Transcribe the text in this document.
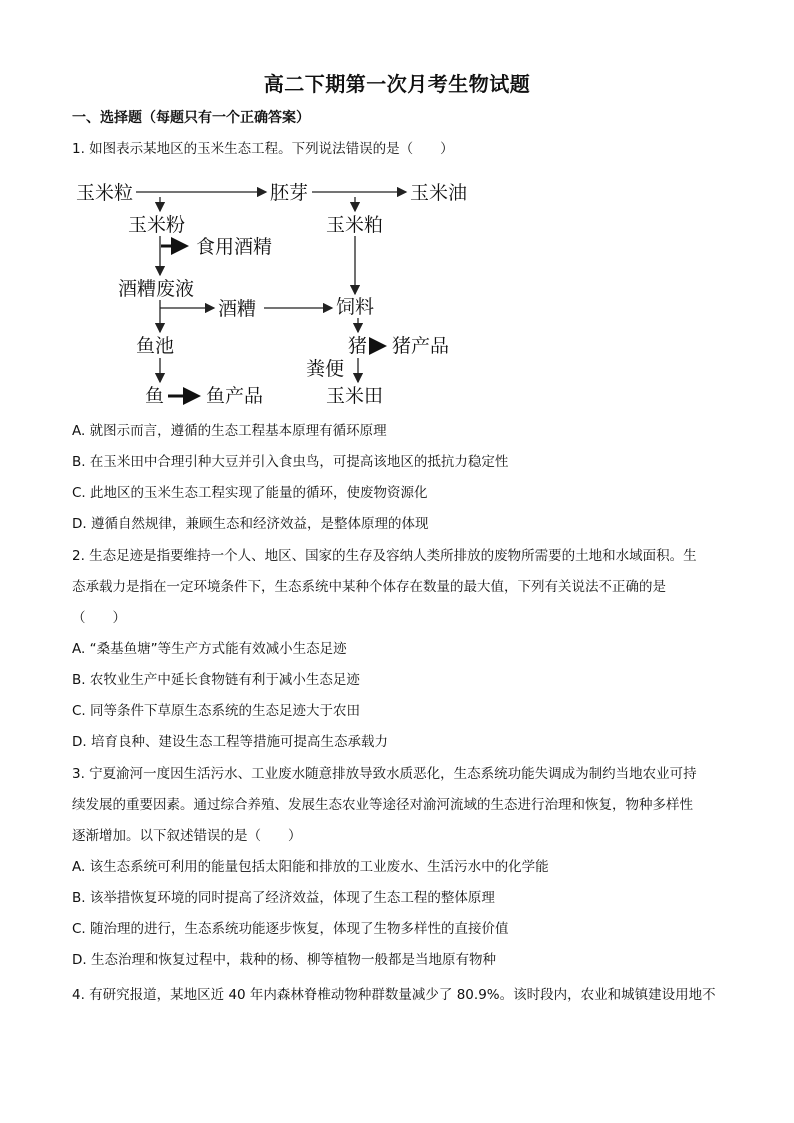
高二下期第一次月考生物试题
一、选择题（每题只有一个正确答案）
1. 如图表示某地区的玉米生态工程。下列说法错误的是（　　）
玉米粒	胚芽	玉米油
玉米粉	玉米粕
食用酒精
酒糟废液
酒糟	饲料
鱼池	猪 猪产品
粪便
鱼 鱼产品	玉米田
A. 就图示而言，遵循的生态工程基本原理有循环原理
B. 在玉米田中合理引种大豆并引入食虫鸟，可提高该地区的抵抗力稳定性
C. 此地区的玉米生态工程实现了能量的循环，使废物资源化
D. 遵循自然规律，兼顾生态和经济效益，是整体原理的体现
2. 生态足迹是指要维持一个人、地区、国家的生存及容纳人类所排放的废物所需要的土地和水域面积。生
态承载力是指在一定环境条件下，生态系统中某种个体存在数量的最大值，下列有关说法不正确的是
（　　）
A. “桑基鱼塘”等生产方式能有效减小生态足迹
B. 农牧业生产中延长食物链有利于减小生态足迹
C. 同等条件下草原生态系统的生态足迹大于农田
D. 培育良种、建设生态工程等措施可提高生态承载力
3. 宁夏渝河一度因生活污水、工业废水随意排放导致水质恶化，生态系统功能失调成为制约当地农业可持
续发展的重要因素。通过综合养殖、发展生态农业等途径对渝河流域的生态进行治理和恢复，物种多样性
逐渐增加。以下叙述错误的是（　　）
A. 该生态系统可利用的能量包括太阳能和排放的工业废水、生活污水中的化学能
B. 该举措恢复环境的同时提高了经济效益，体现了生态工程的整体原理
C. 随治理的进行，生态系统功能逐步恢复，体现了生物多样性的直接价值
D. 生态治理和恢复过程中，栽种的杨、柳等植物一般都是当地原有物种
4. 有研究报道，某地区近 40 年内森林脊椎动物种群数量减少了 80.9%。该时段内，农业和城镇建设用地不
